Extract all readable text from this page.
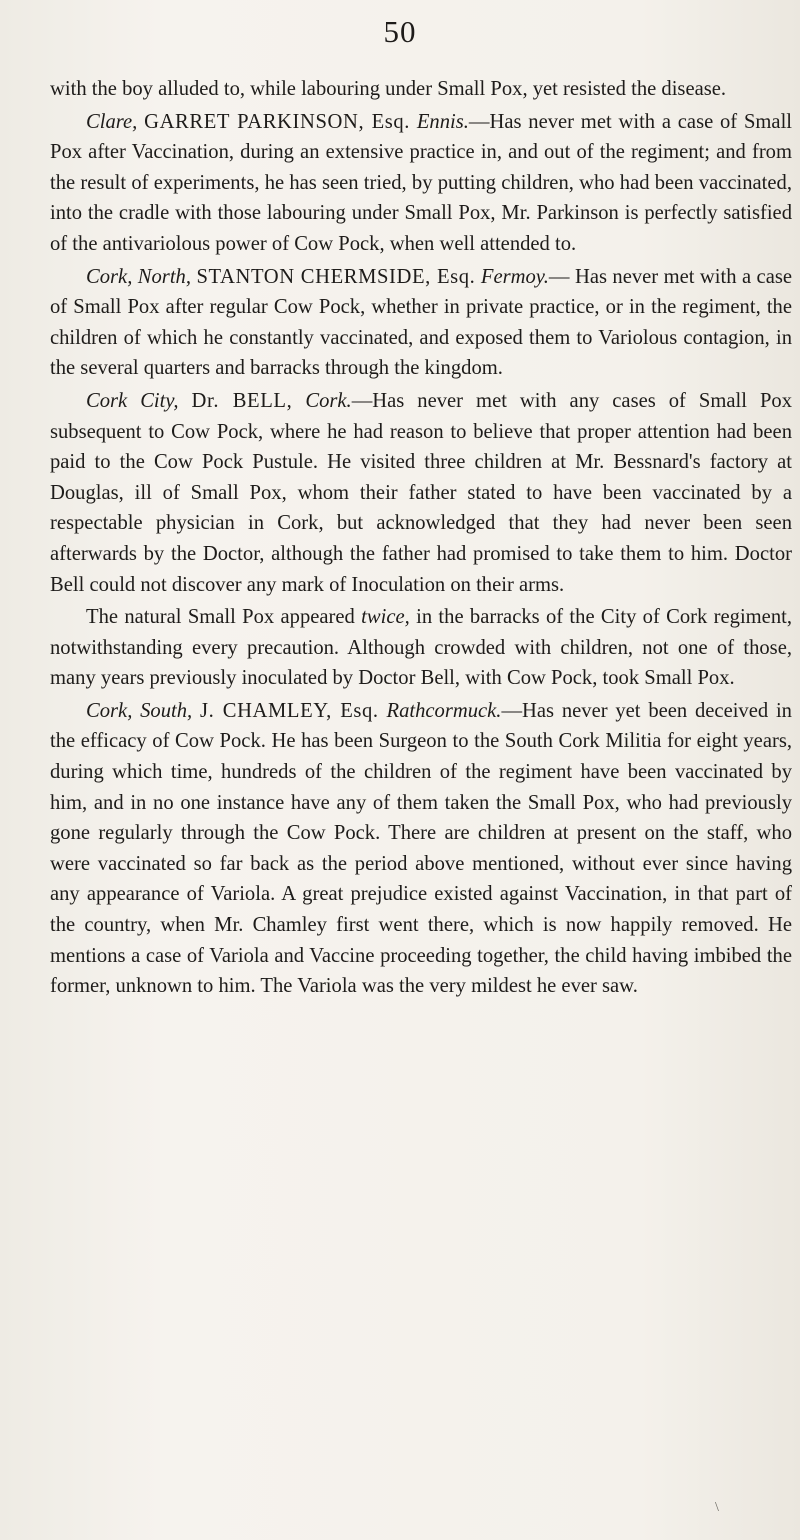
50

with the boy alluded to, while labouring under Small Pox, yet resisted the disease.

Clare, GARRET PARKINSON, Esq. Ennis.—Has never met with a case of Small Pox after Vaccination, during an extensive practice in, and out of the regiment; and from the result of experiments, he has seen tried, by putting children, who had been vaccinated, into the cradle with those labouring under Small Pox, Mr. Parkinson is perfectly satisfied of the antivariolous power of Cow Pock, when well attended to.

Cork, North, STANTON CHERMSIDE, Esq. Fermoy.— Has never met with a case of Small Pox after regular Cow Pock, whether in private practice, or in the regiment, the children of which he constantly vaccinated, and exposed them to Variolous contagion, in the several quarters and barracks through the kingdom.

Cork City, Dr. BELL, Cork.—Has never met with any cases of Small Pox subsequent to Cow Pock, where he had reason to believe that proper attention had been paid to the Cow Pock Pustule. He visited three children at Mr. Bessnard's factory at Douglas, ill of Small Pox, whom their father stated to have been vaccinated by a respectable physician in Cork, but acknowledged that they had never been seen afterwards by the Doctor, although the father had promised to take them to him. Doctor Bell could not discover any mark of Inoculation on their arms.

The natural Small Pox appeared twice, in the barracks of the City of Cork regiment, notwithstanding every precaution. Although crowded with children, not one of those, many years previously inoculated by Doctor Bell, with Cow Pock, took Small Pox.

Cork, South, J. CHAMLEY, Esq. Rathcormuck.—Has never yet been deceived in the efficacy of Cow Pock. He has been Surgeon to the South Cork Militia for eight years, during which time, hundreds of the children of the regiment have been vaccinated by him, and in no one instance have any of them taken the Small Pox, who had previously gone regularly through the Cow Pock. There are children at present on the staff, who were vaccinated so far back as the period above mentioned, without ever since having any appearance of Variola. A great prejudice existed against Vaccination, in that part of the country, when Mr. Chamley first went there, which is now happily removed. He mentions a case of Variola and Vaccine proceeding together, the child having imbibed the former, unknown to him. The Variola was the very mildest he ever saw.

\
